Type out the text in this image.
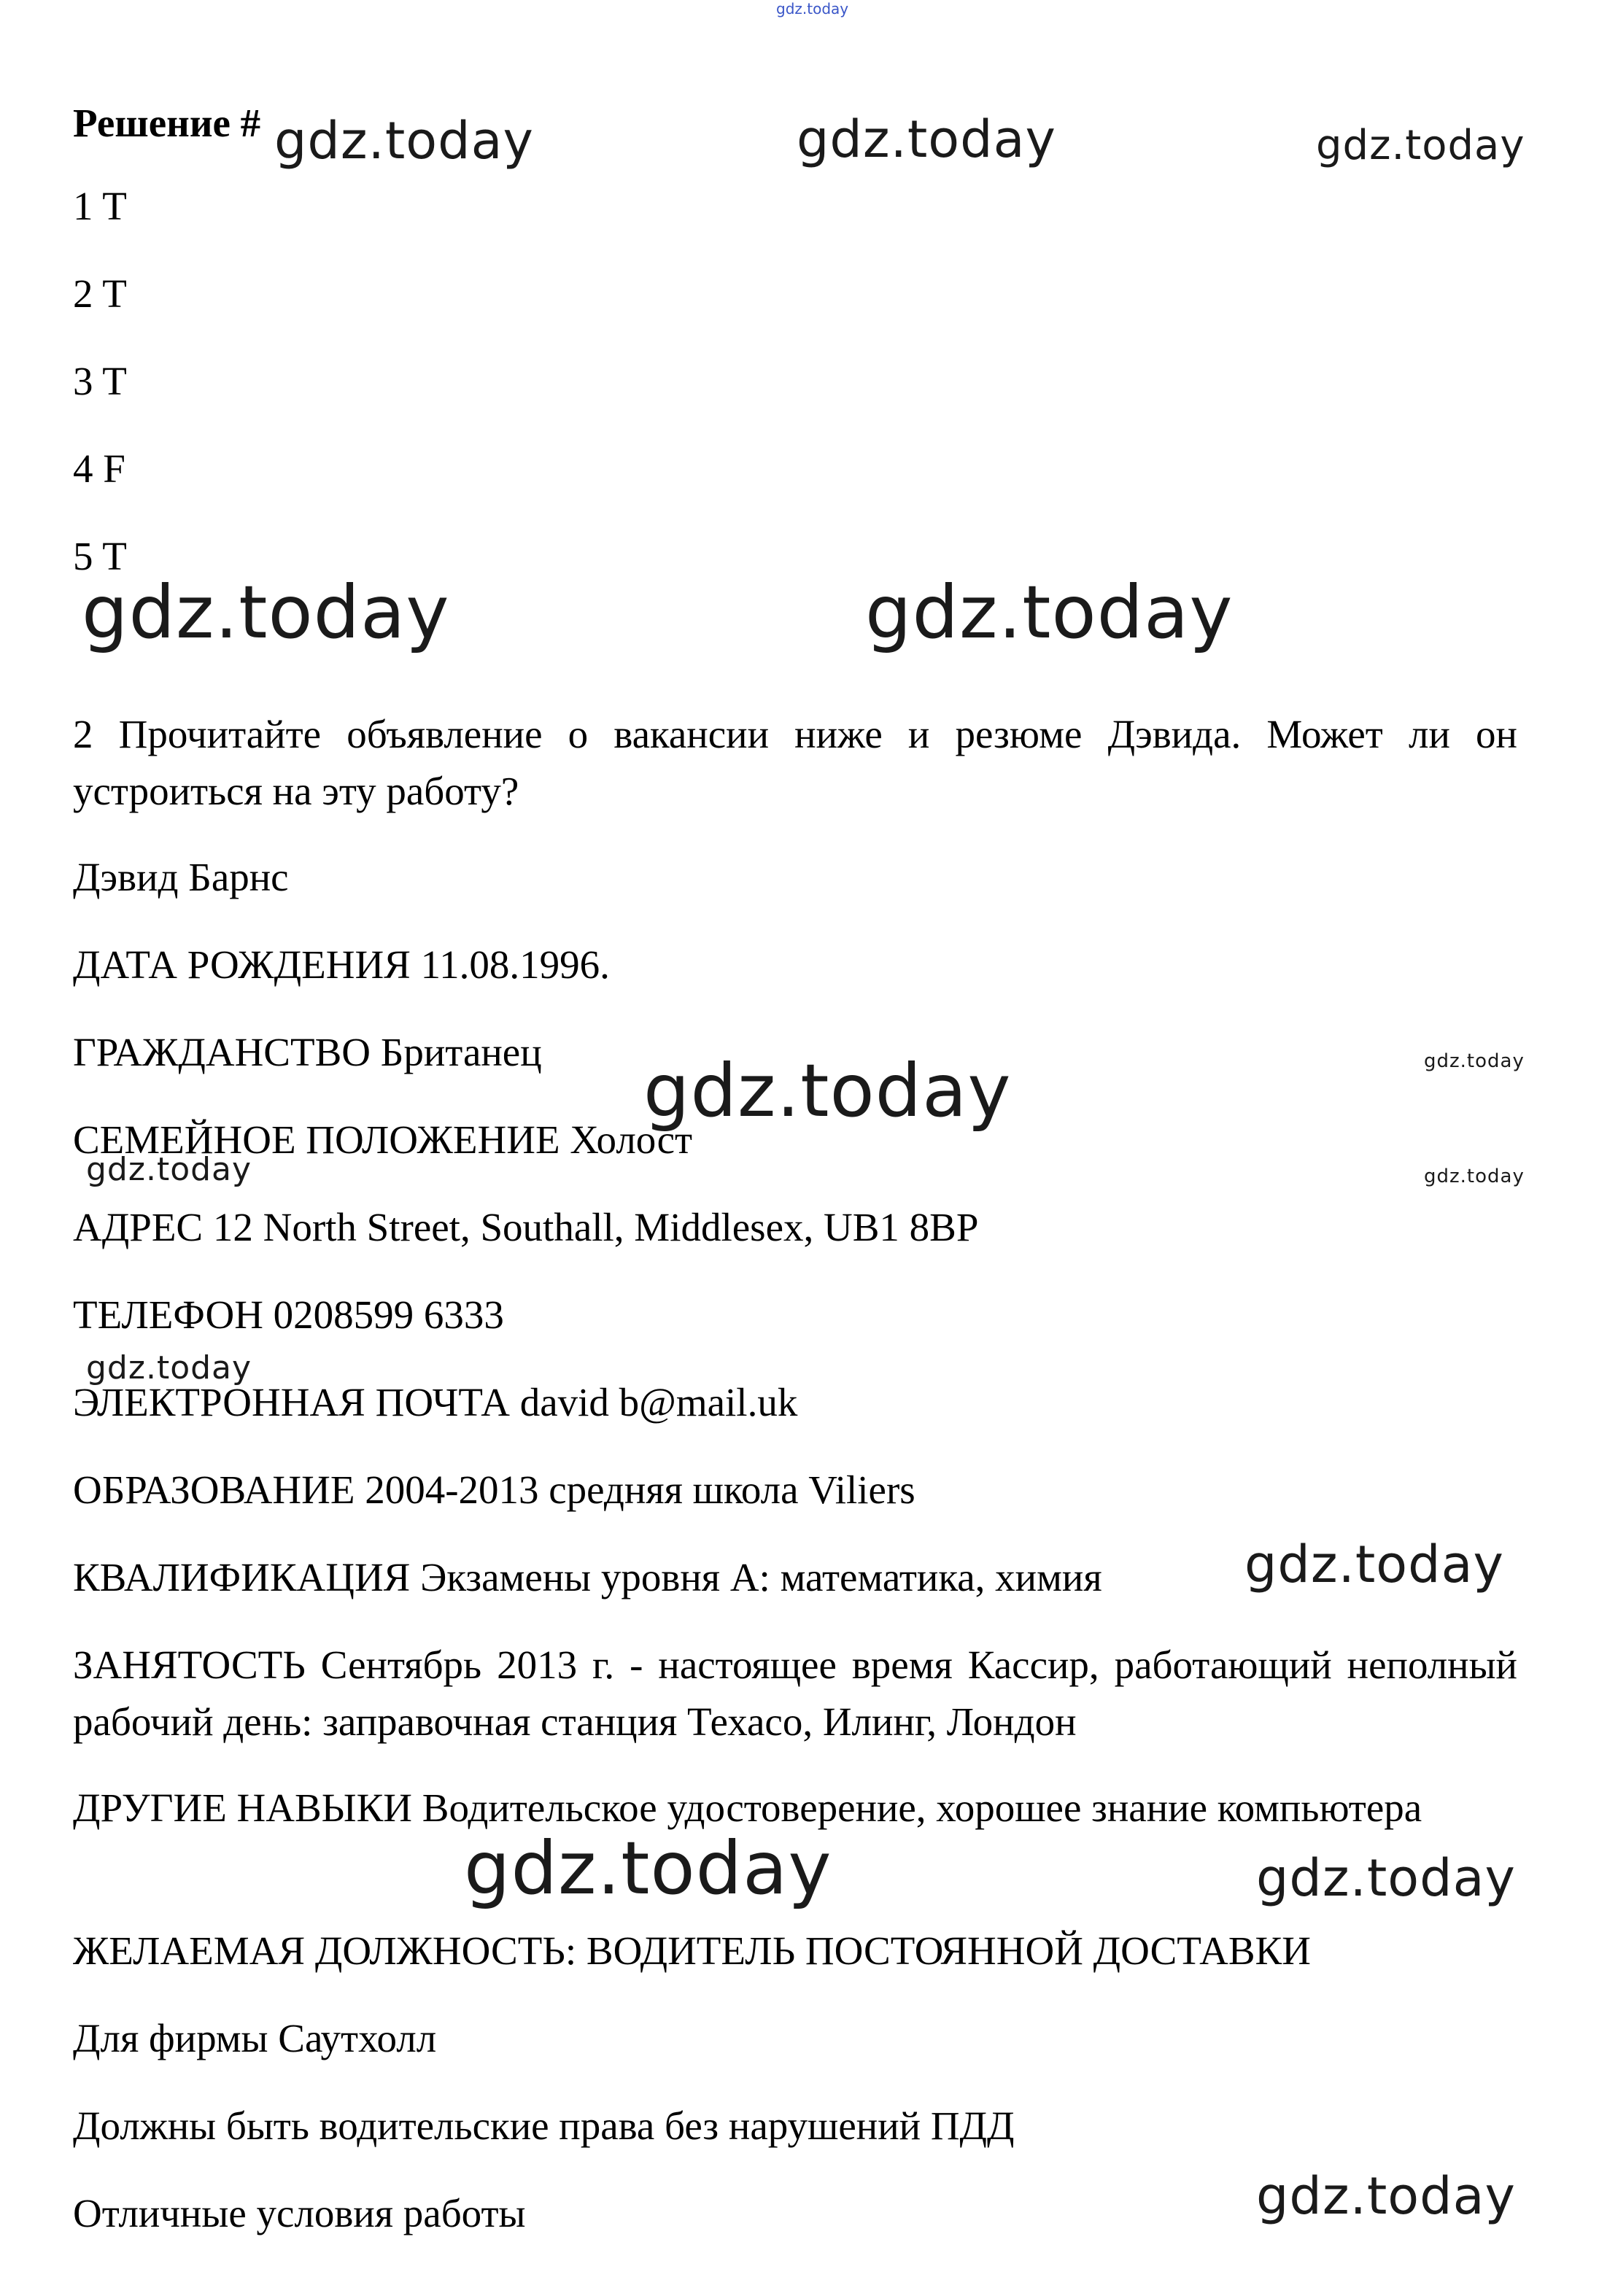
gdz.today

Решение #

1 T

2 T

3 T

4 F

5 T

2 Прочитайте объявление о вакансии ниже и резюме Дэвида. Может ли он устроиться на эту работу?

Дэвид Барнс

ДАТА РОЖДЕНИЯ 11.08.1996.

ГРАЖДАНСТВО Британец

СЕМЕЙНОЕ ПОЛОЖЕНИЕ Холост

АДРЕС 12 North Street, Southall, Middlesex, UB1 8BP

ТЕЛЕФОН 0208599 6333

ЭЛЕКТРОННАЯ ПОЧТА david b@mail.uk

ОБРАЗОВАНИЕ 2004-2013 средняя школа Viliers

КВАЛИФИКАЦИЯ Экзамены уровня A: математика, химия

ЗАНЯТОСТЬ Сентябрь 2013 г. - настоящее время Кассир, работающий неполный рабочий день: заправочная станция Техасо, Илинг, Лондон

ДРУГИЕ НАВЫКИ Водительское удостоверение, хорошее знание компьютера

ЖЕЛАЕМАЯ ДОЛЖНОСТЬ: ВОДИТЕЛЬ ПОСТОЯННОЙ ДОСТАВКИ

Для фирмы Саутхолл

Должны быть водительские права без нарушений ПДД

Отличные условия работы

gdz.today	gdz.today	gdz.today
gdz.today	gdz.today
gdz.today	gdz.today
gdz.today	gdz.today
gdz.today
gdz.today
gdz.today	gdz.today
gdz.today
